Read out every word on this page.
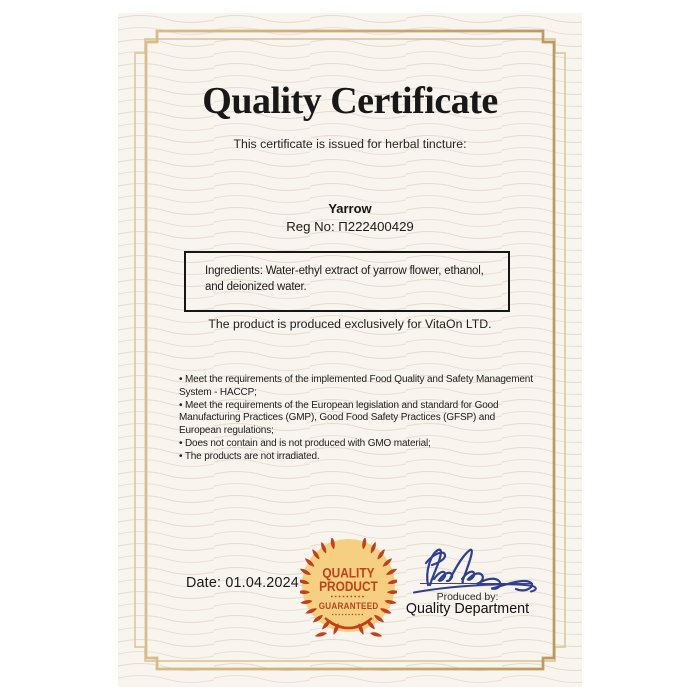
Quality Certificate
This certificate is issued for herbal tincture:
Yarrow
Reg No: П222400429
Ingredients: Water-ethyl extract of yarrow flower, ethanol, and deionized water.
The product is produced exclusively for VitaOn LTD.
• Meet the requirements of the implemented Food Quality and Safety Management System - HACCP;
• Meet the requirements of the European legislation and standard for Good Manufacturing Practices (GMP), Good Food Safety Practices (GFSP) and European regulations;
• Does not contain and is not produced with GMO material;
• The products are not irradiated.
Date: 01.04.2024
QUALITY
PRODUCT
GUARANTEED
Produced by:
Quality Department
